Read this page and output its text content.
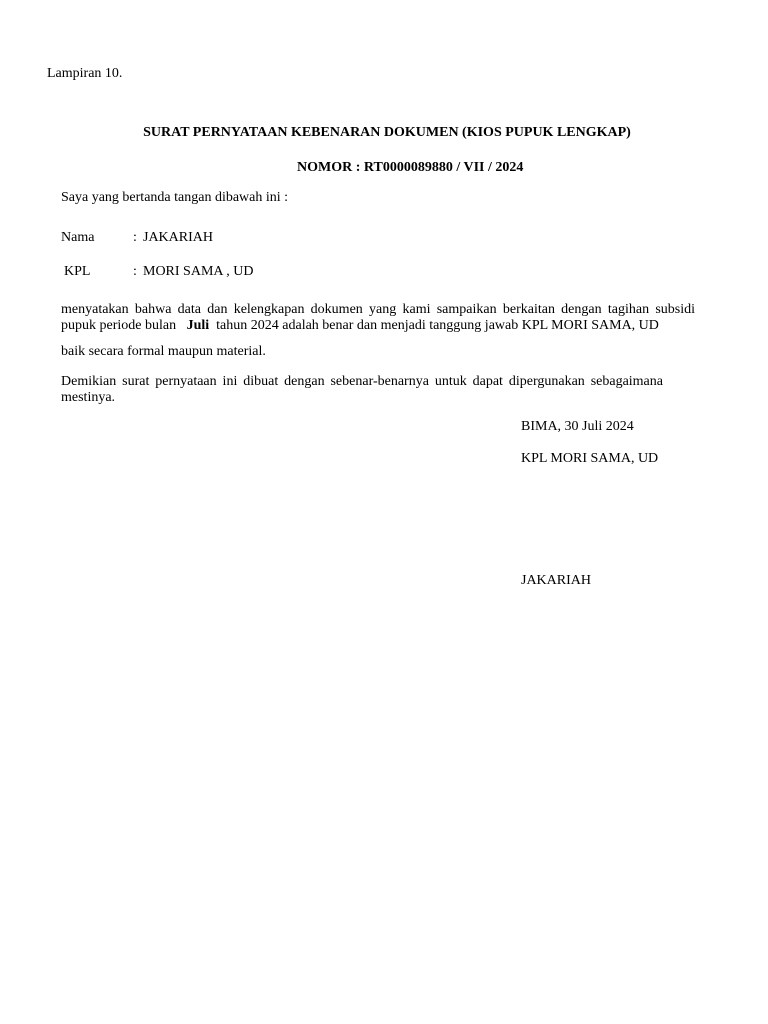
Lampiran 10.
SURAT PERNYATAAN KEBENARAN DOKUMEN (KIOS PUPUK LENGKAP)
NOMOR : RT0000089880 / VII / 2024
Saya yang bertanda tangan dibawah ini :
Nama	: JAKARIAH
KPL	: MORI SAMA , UD
menyatakan bahwa data dan kelengkapan dokumen yang kami sampaikan berkaitan dengan tagihan subsidi pupuk periode bulan Juli tahun 2024 adalah benar dan menjadi tanggung jawab KPL MORI SAMA, UD
baik secara formal maupun material.
Demikian surat pernyataan ini dibuat dengan sebenar-benarnya untuk dapat dipergunakan sebagaimana mestinya.
BIMA, 30 Juli 2024
KPL MORI SAMA, UD
JAKARIAH
